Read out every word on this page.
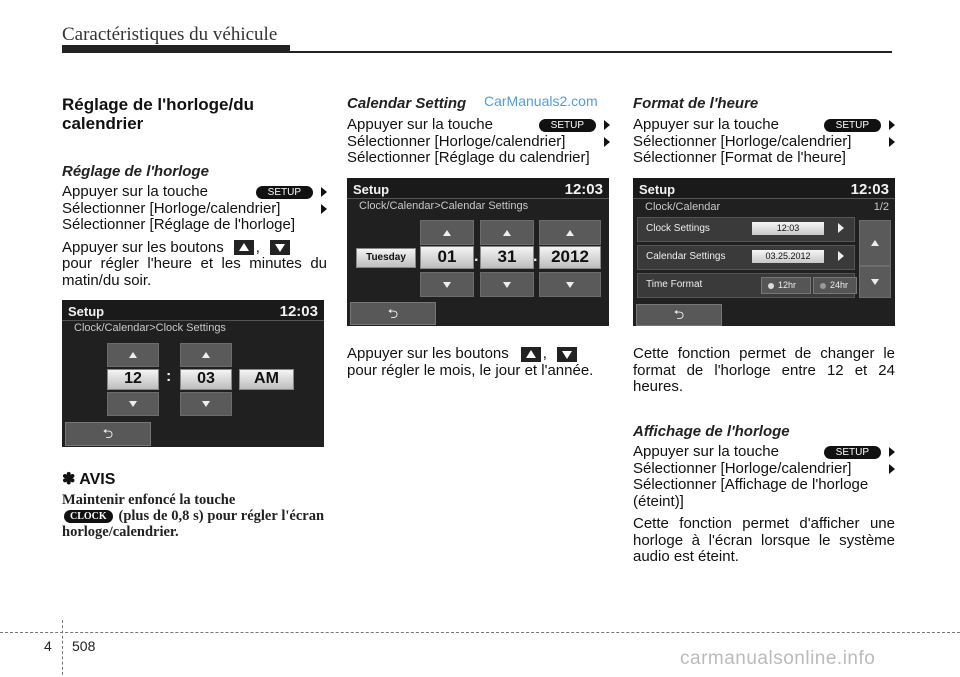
Caractéristiques du véhicule
Réglage de l'horloge/du calendrier
Réglage de l'horloge
Appuyer sur la touche	SETUP
Sélectionner [Horloge/calendrier]
Sélectionner [Réglage de l'horloge]
Appuyer sur les boutons ,
pour régler l'heure et les minutes du matin/du soir.
Setup	12:03
Clock/Calendar>Clock Settings
12	:	03	AM
⮌
✽ AVIS
Maintenir enfoncé la touche
CLOCK (plus de 0,8 s) pour régler l'écran horloge/calendrier.
Calendar Setting CarManuals2.com
Appuyer sur la touche	SETUP
Sélectionner [Horloge/calendrier]
Sélectionner [Réglage du calendrier]
Setup	12:03
Clock/Calendar>Calendar Settings
Tuesday	01	.	31	. 2012
⮌
Appuyer sur les boutons ,
pour régler le mois, le jour et l'année.
Format de l'heure
Appuyer sur la touche	SETUP
Sélectionner [Horloge/calendrier]
Sélectionner [Format de l'heure]
Setup	12:03
Clock/Calendar	1/2
Clock Settings	12:03
Calendar Settings	03.25.2012
Time Format	12hr	24hr
⮌
Cette fonction permet de changer le format de l'horloge entre 12 et 24 heures.
Affichage de l'horloge
Appuyer sur la touche	SETUP
Sélectionner [Horloge/calendrier]
Sélectionner [Affichage de l'horloge (éteint)]
Cette fonction permet d'afficher une horloge à l'écran lorsque le système audio est éteint.
4 508
carmanualsonline.info
